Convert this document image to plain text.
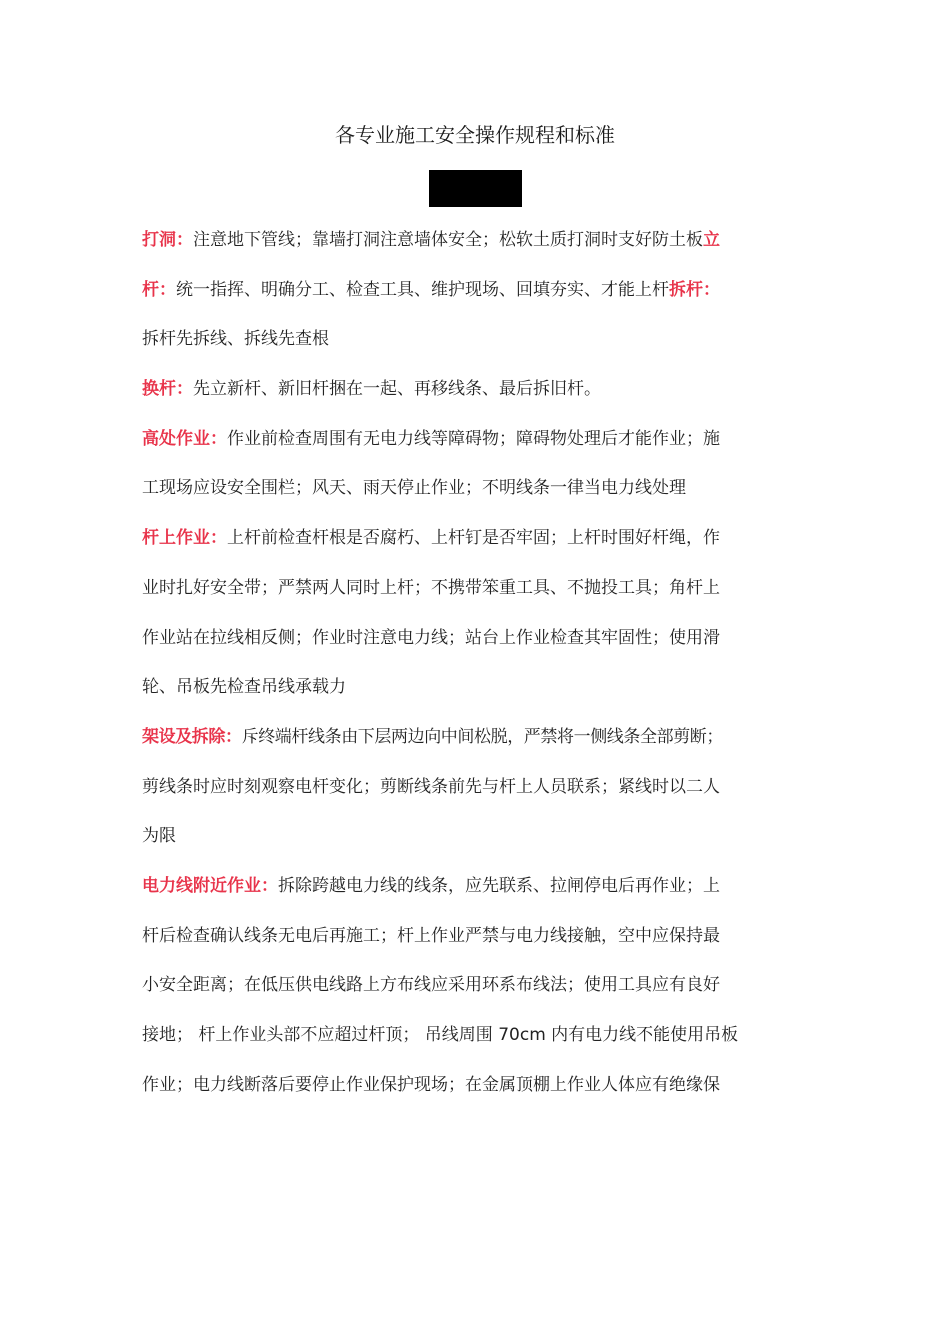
各专业施工安全操作规程和标准
打洞：注意地下管线；靠墙打洞注意墙体安全；松软土质打洞时支好防土板立
杆：统一指挥、明确分工、检查工具、维护现场、回填夯实、才能上杆拆杆：
拆杆先拆线、拆线先查根
换杆：先立新杆、新旧杆捆在一起、再移线条、最后拆旧杆。
高处作业：作业前检查周围有无电力线等障碍物；障碍物处理后才能作业；施
工现场应设安全围栏；风天、雨天停止作业；不明线条一律当电力线处理
杆上作业：上杆前检查杆根是否腐朽、上杆钉是否牢固；上杆时围好杆绳，作
业时扎好安全带；严禁两人同时上杆；不携带笨重工具、不抛投工具；角杆上
作业站在拉线相反侧；作业时注意电力线；站台上作业检查其牢固性；使用滑
轮、吊板先检查吊线承载力
架设及拆除：斥终端杆线条由下层两边向中间松脱，严禁将一侧线条全部剪断；
剪线条时应时刻观察电杆变化；剪断线条前先与杆上人员联系；紧线时以二人
为限
电力线附近作业：拆除跨越电力线的线条，应先联系、拉闸停电后再作业；上
杆后检查确认线条无电后再施工；杆上作业严禁与电力线接触，空中应保持最
小安全距离；在低压供电线路上方布线应采用环系布线法；使用工具应有良好
接地； 杆上作业头部不应超过杆顶； 吊线周围 70cm 内有电力线不能使用吊板
作业；电力线断落后要停止作业保护现场；在金属顶棚上作业人体应有绝缘保
